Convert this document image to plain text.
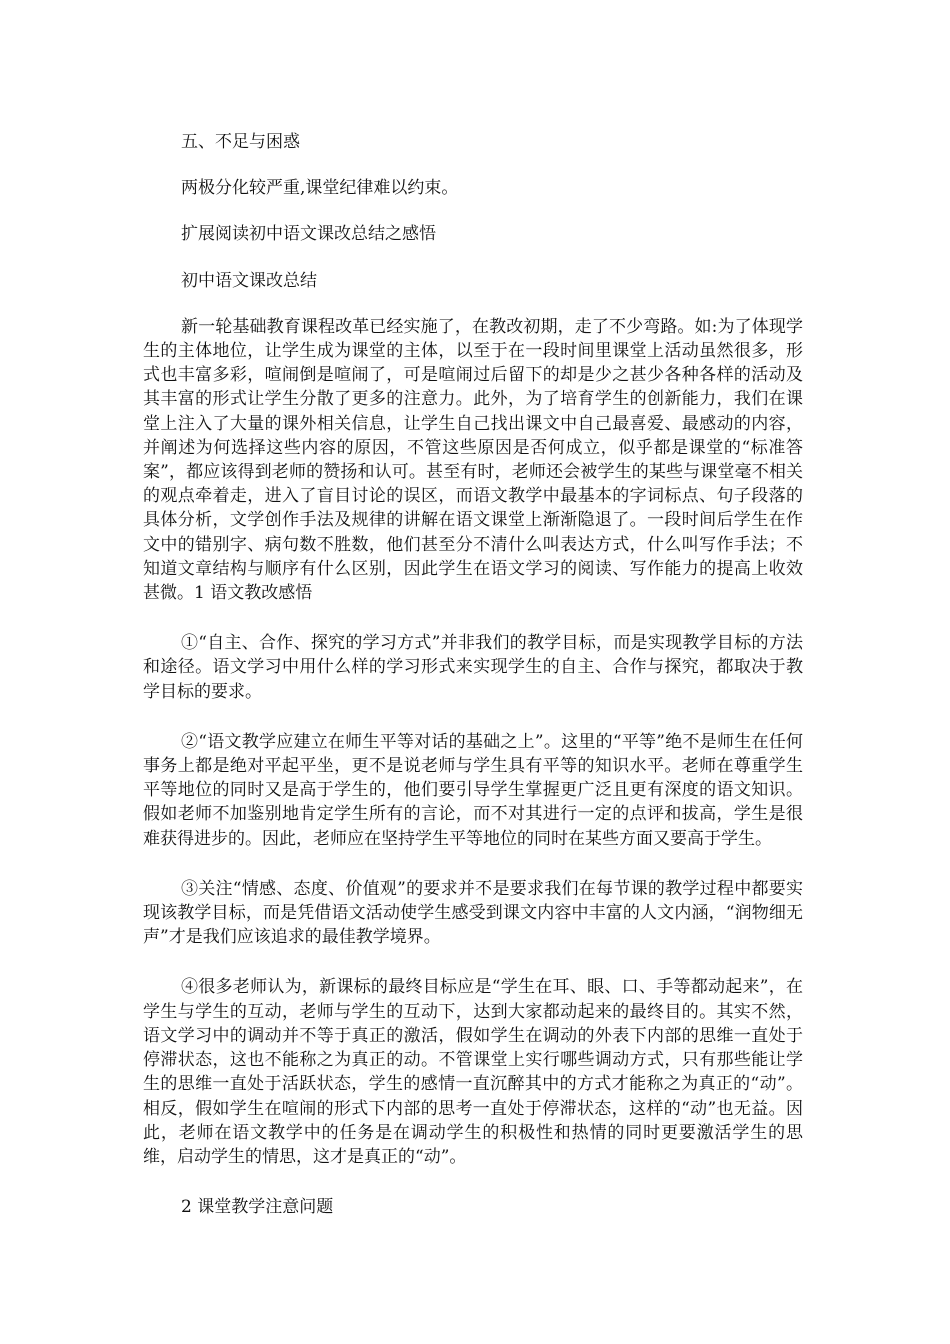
五、不足与困惑

两极分化较严重,课堂纪律难以约束。

扩展阅读初中语文课改总结之感悟

初中语文课改总结

新一轮基础教育课程改革已经实施了，在教改初期，走了不少弯路。如:为了体现学生的主体地位，让学生成为课堂的主体，以至于在一段时间里课堂上活动虽然很多，形式也丰富多彩，喧闹倒是喧闹了，可是喧闹过后留下的却是少之甚少各种各样的活动及其丰富的形式让学生分散了更多的注意力。此外，为了培育学生的创新能力，我们在课堂上注入了大量的课外相关信息，让学生自己找出课文中自己最喜爱、最感动的内容，并阐述为何选择这些内容的原因，不管这些原因是否何成立，似乎都是课堂的“标准答案”，都应该得到老师的赞扬和认可。甚至有时，老师还会被学生的某些与课堂毫不相关的观点牵着走，进入了盲目讨论的误区，而语文教学中最基本的字词标点、句子段落的具体分析，文学创作手法及规律的讲解在语文课堂上渐渐隐退了。一段时间后学生在作文中的错别字、病句数不胜数，他们甚至分不清什么叫表达方式，什么叫写作手法；不知道文章结构与顺序有什么区别，因此学生在语文学习的阅读、写作能力的提高上收效甚微。1 语文教改感悟

①“自主、合作、探究的学习方式”并非我们的教学目标，而是实现教学目标的方法和途径。语文学习中用什么样的学习形式来实现学生的自主、合作与探究，都取决于教学目标的要求。

②“语文教学应建立在师生平等对话的基础之上”。这里的“平等”绝不是师生在任何事务上都是绝对平起平坐，更不是说老师与学生具有平等的知识水平。老师在尊重学生平等地位的同时又是高于学生的，他们要引导学生掌握更广泛且更有深度的语文知识。假如老师不加鉴别地肯定学生所有的言论，而不对其进行一定的点评和拔高，学生是很难获得进步的。因此，老师应在坚持学生平等地位的同时在某些方面又要高于学生。

③关注“情感、态度、价值观”的要求并不是要求我们在每节课的教学过程中都要实现该教学目标，而是凭借语文活动使学生感受到课文内容中丰富的人文内涵，“润物细无声”才是我们应该追求的最佳教学境界。

④很多老师认为，新课标的最终目标应是“学生在耳、眼、口、手等都动起来”，在学生与学生的互动，老师与学生的互动下，达到大家都动起来的最终目的。其实不然，语文学习中的调动并不等于真正的激活，假如学生在调动的外表下内部的思维一直处于停滞状态，这也不能称之为真正的动。不管课堂上实行哪些调动方式，只有那些能让学生的思维一直处于活跃状态，学生的感情一直沉醉其中的方式才能称之为真正的“动”。相反，假如学生在喧闹的形式下内部的思考一直处于停滞状态，这样的“动”也无益。因此，老师在语文教学中的任务是在调动学生的积极性和热情的同时更要激活学生的思维，启动学生的情思，这才是真正的“动”。

2 课堂教学注意问题
